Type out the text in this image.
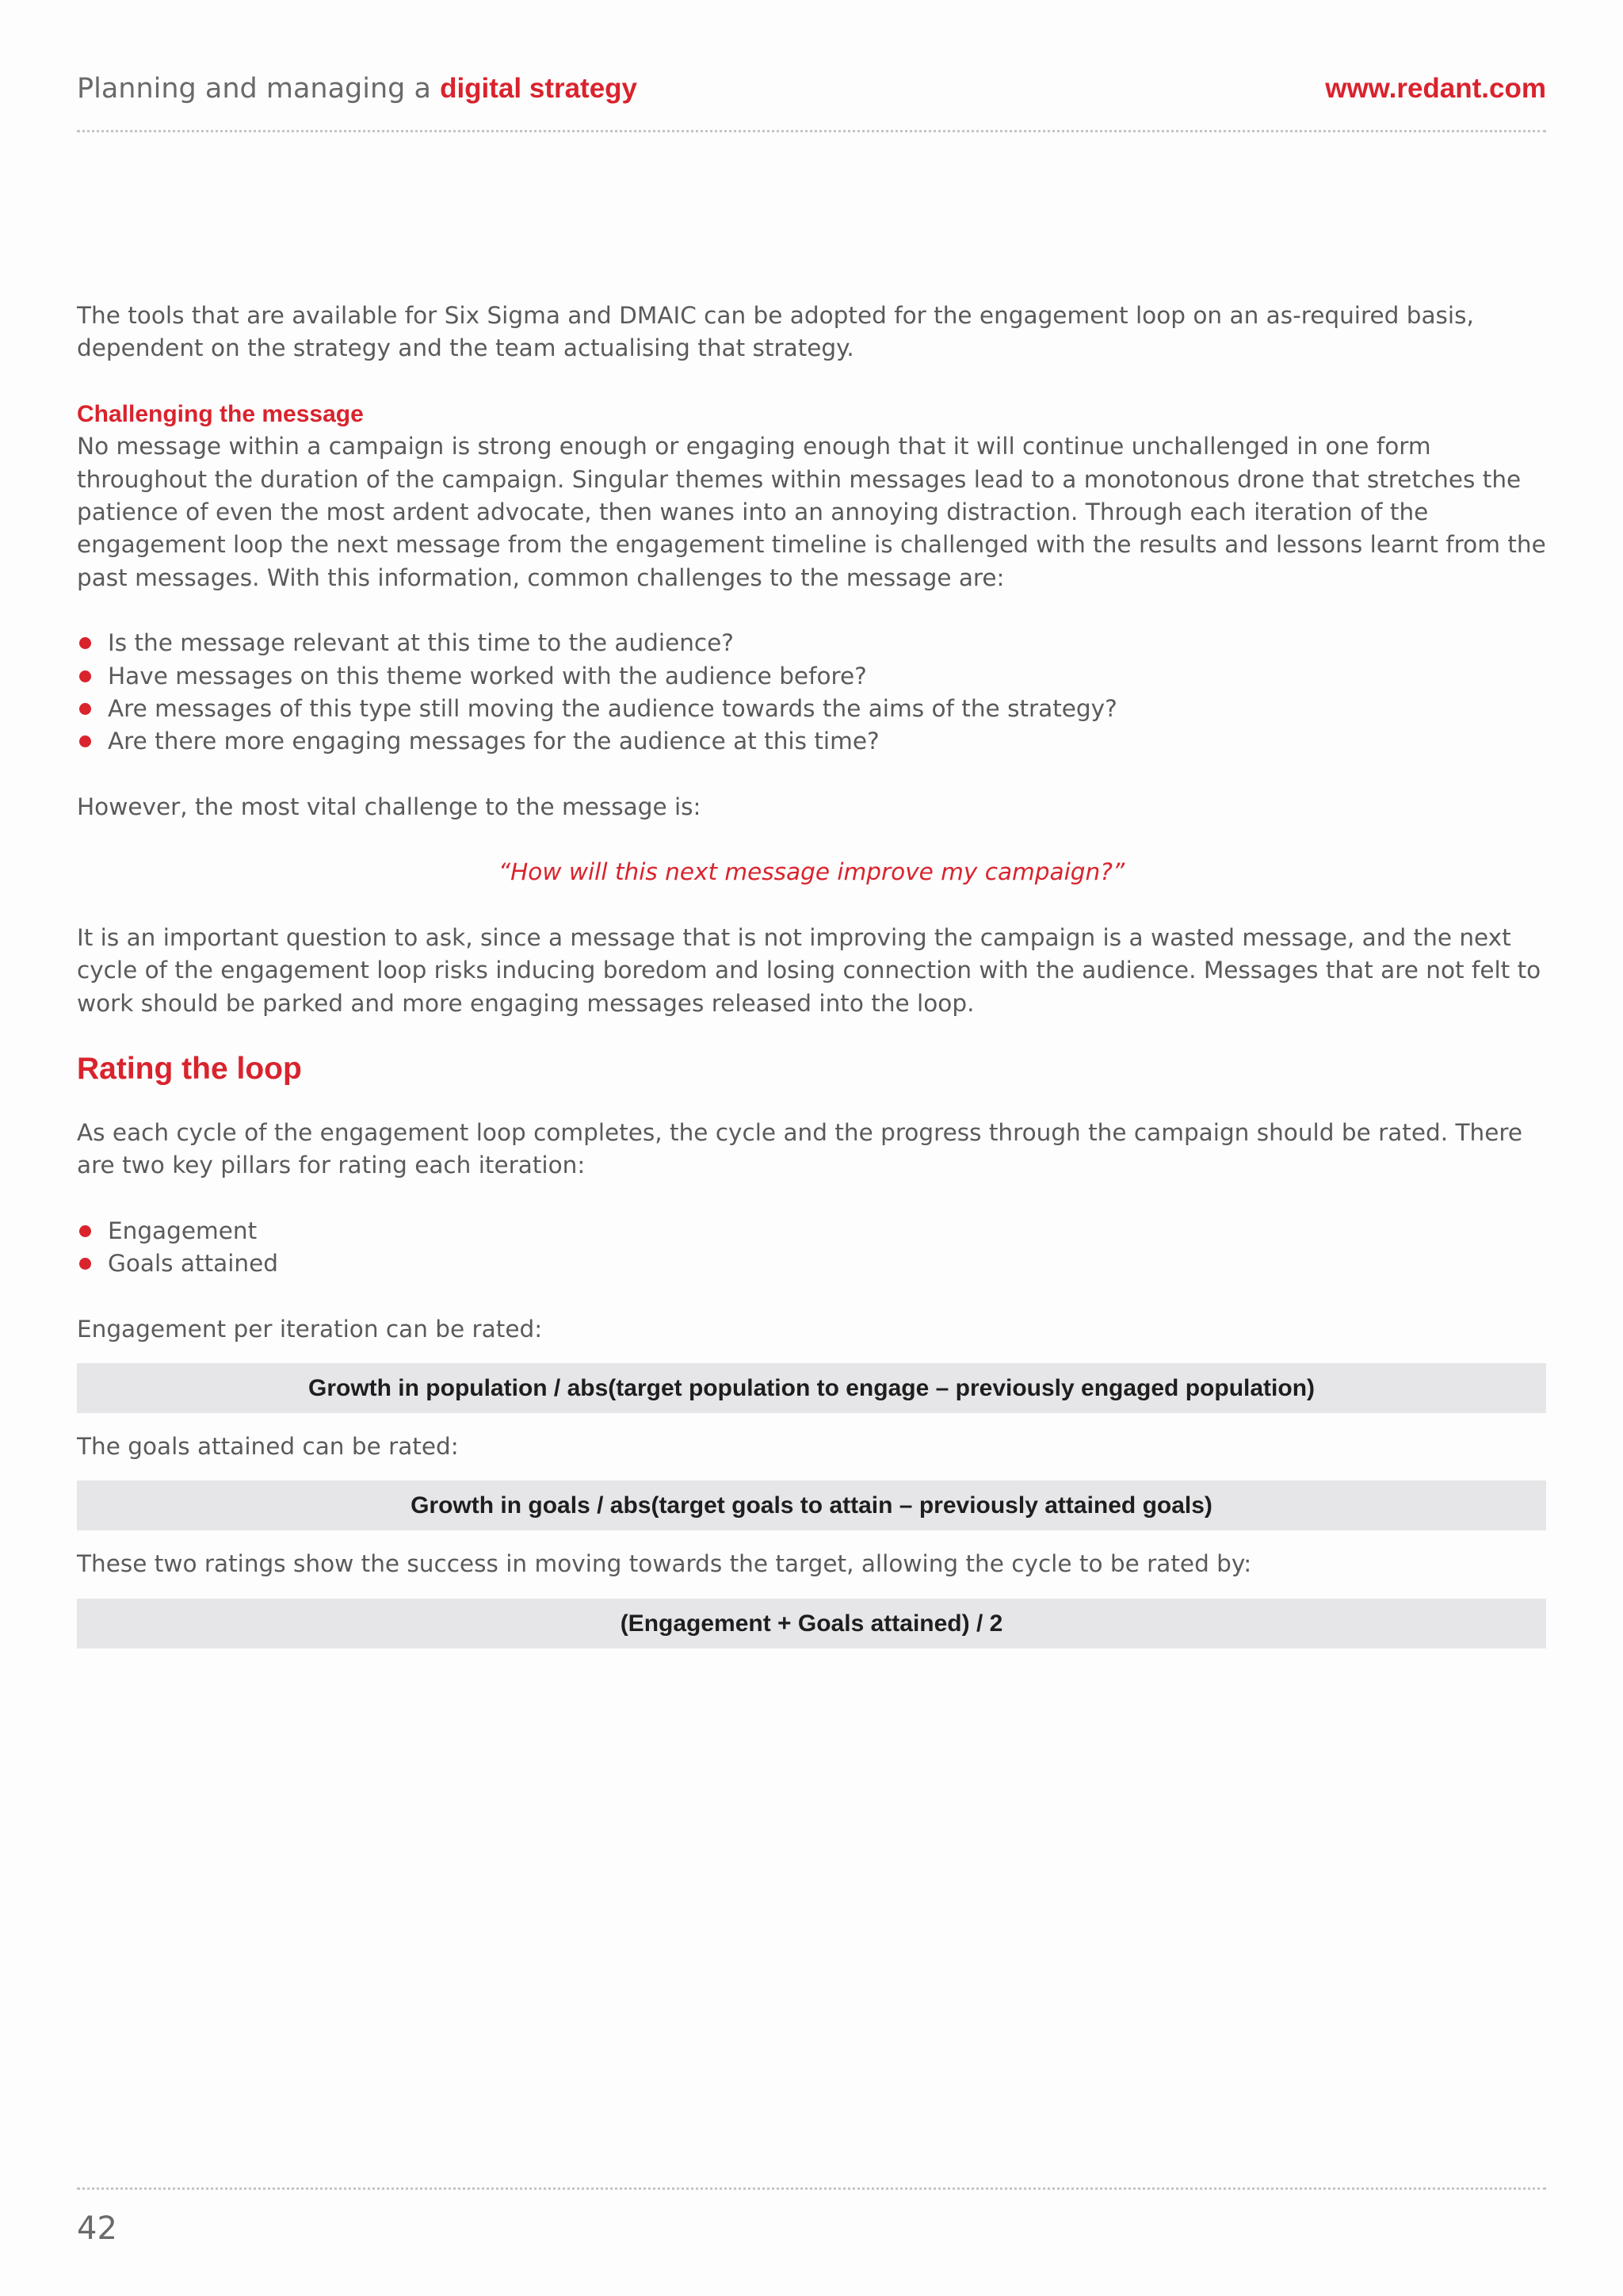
Planning and managing a digital strategy	www.redant.com

The tools that are available for Six Sigma and DMAIC can be adopted for the engagement loop on an as-required basis, dependent on the strategy and the team actualising that strategy.

Challenging the message

No message within a campaign is strong enough or engaging enough that it will continue unchallenged in one form throughout the duration of the campaign. Singular themes within messages lead to a monotonous drone that stretches the patience of even the most ardent advocate, then wanes into an annoying distraction. Through each iteration of the engagement loop the next message from the engagement timeline is challenged with the results and lessons learnt from the past messages. With this information, common challenges to the message are:

Is the message relevant at this time to the audience?
Have messages on this theme worked with the audience before?
Are messages of this type still moving the audience towards the aims of the strategy?
Are there more engaging messages for the audience at this time?

However, the most vital challenge to the message is:

“How will this next message improve my campaign?”

It is an important question to ask, since a message that is not improving the campaign is a wasted message, and the next cycle of the engagement loop risks inducing boredom and losing connection with the audience. Messages that are not felt to work should be parked and more engaging messages released into the loop.

Rating the loop

As each cycle of the engagement loop completes, the cycle and the progress through the campaign should be rated. There are two key pillars for rating each iteration:

Engagement
Goals attained

Engagement per iteration can be rated:

Growth in population / abs(target population to engage – previously engaged population)

The goals attained can be rated:

Growth in goals / abs(target goals to attain – previously attained goals)

These two ratings show the success in moving towards the target, allowing the cycle to be rated by:

(Engagement + Goals attained) / 2
42
